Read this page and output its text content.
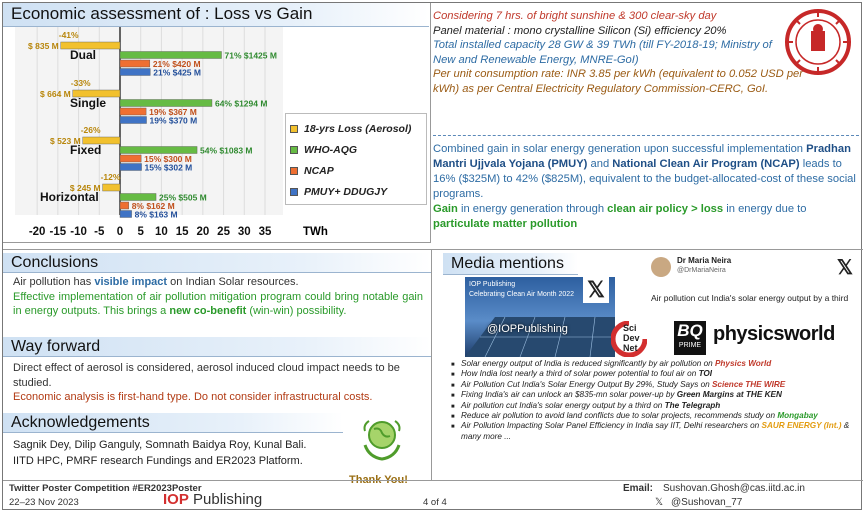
Economic assessment of : Loss vs Gain
-20 -15 -10 -5 0 5 10 15 20 25 30 35	TWh
-41%
$ 835 M
71% $1425 M
21% $420 M
21% $425 M
Dual
-33%
$ 664 M
64% $1294 M
19% $367 M
19% $370 M
Single
-26%
$ 523 M
54% $1083 M
15% $300 M
15% $302 M
Fixed
-12%
$ 245 M
25% $505 M
8% $162 M
8% $163 M
Horizontal
18-yrs Loss (Aerosol)
WHO-AQG
NCAP
PMUY+ DDUGJY
Considering 7 hrs. of bright sunshine & 300 clear-sky day
Panel material : mono crystalline Silicon (Si) efficiency 20%
Total installed capacity 28 GW & 39 TWh (till FY-2018-19; Ministry of New and Renewable Energy, MNRE-GoI)
Per unit consumption rate: INR 3.85 per kWh (equivalent to 0.052 USD per kWh) as per Central Electricity Regulatory Commission-CERC, GoI.
Combined gain in solar energy generation upon successful implementation Pradhan Mantri Ujjvala Yojana (PMUY) and National Clean Air Program (NCAP) leads to 16% ($325M) to 42% ($825M), equivalent to the budget-allocated-cost of these social programs.
Gain in energy generation through clean air policy > loss in energy due to particulate matter pollution
Conclusions
Air pollution has visible impact on Indian Solar resources.
Effective implementation of air pollution mitigation program could bring notable gain in energy outputs. This brings a new co-benefit (win-win) possibility.
Way forward
Direct effect of aerosol is considered, aerosol induced cloud impact needs to be studied.
Economic analysis is first-hand type. Do not consider infrastructural costs.
Acknowledgements
Sagnik Dey, Dilip Ganguly, Somnath Baidya Roy, Kunal Bali.
IITD HPC, PMRF research Fundings and ER2023 Platform.
Thank You!
Media mentions
IOP Publishing
Celebrating Clean Air Month 2022
@IOPPublishing
𝕏
Dr Maria Neira
@DrMariaNeira	𝕏
Air pollution cut India's solar energy output by a third
Sci Dev Net
BQ
PRIME
physicsworld
■ Solar energy output of India is reduced significantly by air pollution on Physics World
■ How India lost nearly a third of solar power potential to foul air on TOI
■ Air Pollution Cut India's Solar Energy Output By 29%, Study Says on Science THE WIRE
■ Fixing India's air can unlock an $835-mn solar power-up by Green Margins at THE KEN
■ Air pollution cut India's solar energy output by a third on The Telegraph
■ Reduce air pollution to avoid land conflicts due to solar projects, recommends study on Mongabay
■ Air Pollution Impacting Solar Panel Efficiency in India say IIT, Delhi researchers on SAUR ENERGY (Int.) & many more ...
Twitter Poster Competition #ER2023Poster
22–23 Nov 2023	IOP Publishing	4 of 4
Email: Sushovan.Ghosh@cas.iitd.ac.in
𝕏 @Sushovan_77
